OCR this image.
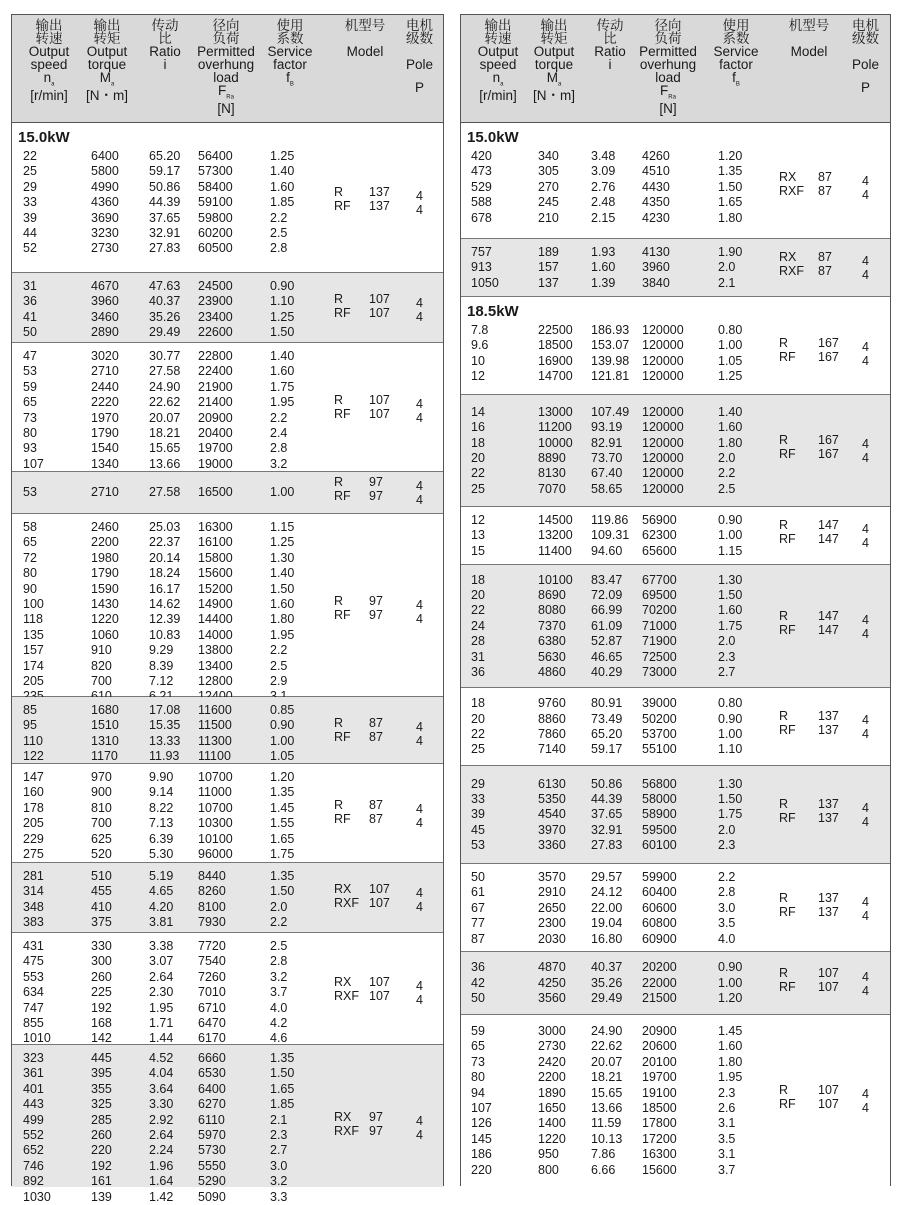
输出
转速
Output
speed
$n_a$
[r/min]
输出
转矩
Output
torque
$M_a$
[N・m]
传动
比
Ratio
i
径向
负荷
Permitted
overhung
load
$F_{Ra}$
[N]
使用
系数
Service
factor
$f_B$
机型号

Model
电机
级数

Pole
P
15.0kW
22	6400 65.20 56400	1.25
25	5800 59.17 57300	1.40
29	4990 50.86 58400	1.60
33	4360 44.39 59100	1.85
39	3690 37.65 59800	2.2
44	3230 32.91 60200	2.5
52	2730 27.83 60500	2.8
R 137 4
RF 137 4
31	4670 47.63 24500	0.90
36	3960 40.37 23900	1.10
41	3460 35.26 23400	1.25
50	2890 29.49 22600	1.50
R 107 4
RF 107 4
47	3020 30.77 22800	1.40
53	2710 27.58 22400	1.60
59	2440 24.90 21900	1.75
65	2220 22.62 21400	1.95
73	1970 20.07 20900	2.2
80	1790 18.21 20400	2.4
93	1540 15.65 19700	2.8
107	1340 13.66 19000	3.2
R 107 4
RF 107 4
53	2710 27.58 16500	1.00
R 97	4
RF 97	4
58	2460 25.03 16300	1.15
65	2200 22.37 16100	1.25
72	1980 20.14 15800	1.30
80	1790 18.24 15600	1.40
90	1590 16.17 15200	1.50
100	1430 14.62 14900	1.60
118	1220 12.39 14400	1.80
135	1060 10.83 14000	1.95
157	910	9.29 13800	2.2
174	820	8.39 13400	2.5
205	700	7.12 12800	2.9
R 97	4
RF 97	4
85	1680 17.08 11600	0.85
95	1510 15.35 11500	0.90
110	1310 13.33 11300	1.00
122	1170 11.93 11100	1.05
R 87	4
RF 87	4
147	970	9.90 10700	1.20
160	900	9.14 11000	1.35
178	810	8.22 10700	1.45
205	700	7.13 10300	1.55
229	625	6.39 10100	1.65
275	520	5.30 96000	1.75
R 87	4
RF 87	4
281	510	5.19 8440	1.35
314	455	4.65 8260	1.50
348	410	4.20 8100	2.0
383	375	3.81 7930	2.2
RX 107 4
RXF 107 4
431	330	3.38 7720	2.5
475	300	3.07 7540	2.8
553	260	2.64 7260	3.2
634	225	2.30 7010	3.7
747	192	1.95 6710	4.0
855	168	1.71 6470	4.2
1010	142	1.44 6170	4.6
RX 107 4
RXF 107 4
323	445	4.52 6660	1.35
361	395	4.04 6530	1.50
401	355	3.64 6400	1.65
443	325	3.30 6270	1.85
499	285	2.92 6110	2.1
552	260	2.64 5970	2.3
652	220	2.24 5730	2.7
746	192	1.96 5550	3.0
892	161	1.64 5290	3.2
1030	139	1.42 5090	3.3
RX 97	4
RXF 97	4
输出
转速
Output
speed
$n_a$
[r/min]
输出
转矩
Output
torque
$M_a$
[N・m]
传动
比
Ratio
i
径向
负荷
Permitted
overhung
load
$F_{Ra}$
[N]
使用
系数
Service
factor
$f_B$
机型号

Model
电机
级数

Pole
P
15.0kW
420	340	3.48 4260	1.20
473	305	3.09 4510	1.35
529	270	2.76 4430	1.50
588	245	2.48 4350	1.65
678	210	2.15 4230	1.80
RX 87 4
RXF 87 4
757	189	1.93 4130	1.90
913	157	1.60 3960	2.0
1050	137	1.39 3840	2.1
RX 87 4
RXF 87 4
18.5kW
7.8	22500 186.93 120000	0.80
9.6	18500 153.07 120000	1.00
10	16900 139.98 120000	1.05
12	14700 121.81 120000	1.25
R 167 4
RF 167 4
14	13000 107.49 120000	1.40
16	11200 93.19 120000	1.60
18	10000 82.91 120000	1.80
20	8890 73.70 120000	2.0
22	8130 67.40 120000	2.2
25	7070 58.65 120000	2.5
R 167 4
RF 167 4
12	14500 119.86 56900	0.90
13	13200 109.31 62300	1.00
15	11400 94.60 65600	1.15
R 147 4
RF 147 4
18	10100 83.47 67700	1.30
20	8690 72.09 69500	1.50
22	8080 66.99 70200	1.60
24	7370 61.09 71000	1.75
28	6380 52.87 71900	2.0
31	5630 46.65 72500	2.3
36	4860 40.29 73000	2.7
R 147 4
RF 147 4
18	9760 80.91 39000	0.80
20	8860 73.49 50200	0.90
22	7860 65.20 53700	1.00
25	7140 59.17 55100	1.10
R 137 4
RF 137 4
29	6130 50.86 56800	1.30
33	5350 44.39 58000	1.50
39	4540 37.65 58900	1.75
45	3970 32.91 59500	2.0
53	3360 27.83 60100	2.3
R 137 4
RF 137 4
50	3570 29.57 59900	2.2
61	2910 24.12 60400	2.8
67	2650 22.00 60600	3.0
77	2300 19.04 60800	3.5
87	2030 16.80 60900	4.0
R 137 4
RF 137 4
36	4870 40.37 20200	0.90
42	4250 35.26 22000	1.00
50	3560 29.49 21500	1.20
R 107 4
RF 107 4
59	3000 24.90 20900	1.45
65	2730 22.62 20600	1.60
73	2420 20.07 20100	1.80
80	2200 18.21 19700	1.95
94	1890 15.65 19100	2.3
107	1650 13.66 18500	2.6
126	1400 11.59 17800	3.1
145	1220 10.13 17200	3.5
186	950	7.86 16300	3.1
220	800	6.66 15600	3.7
R 107 4
RF 107 4
